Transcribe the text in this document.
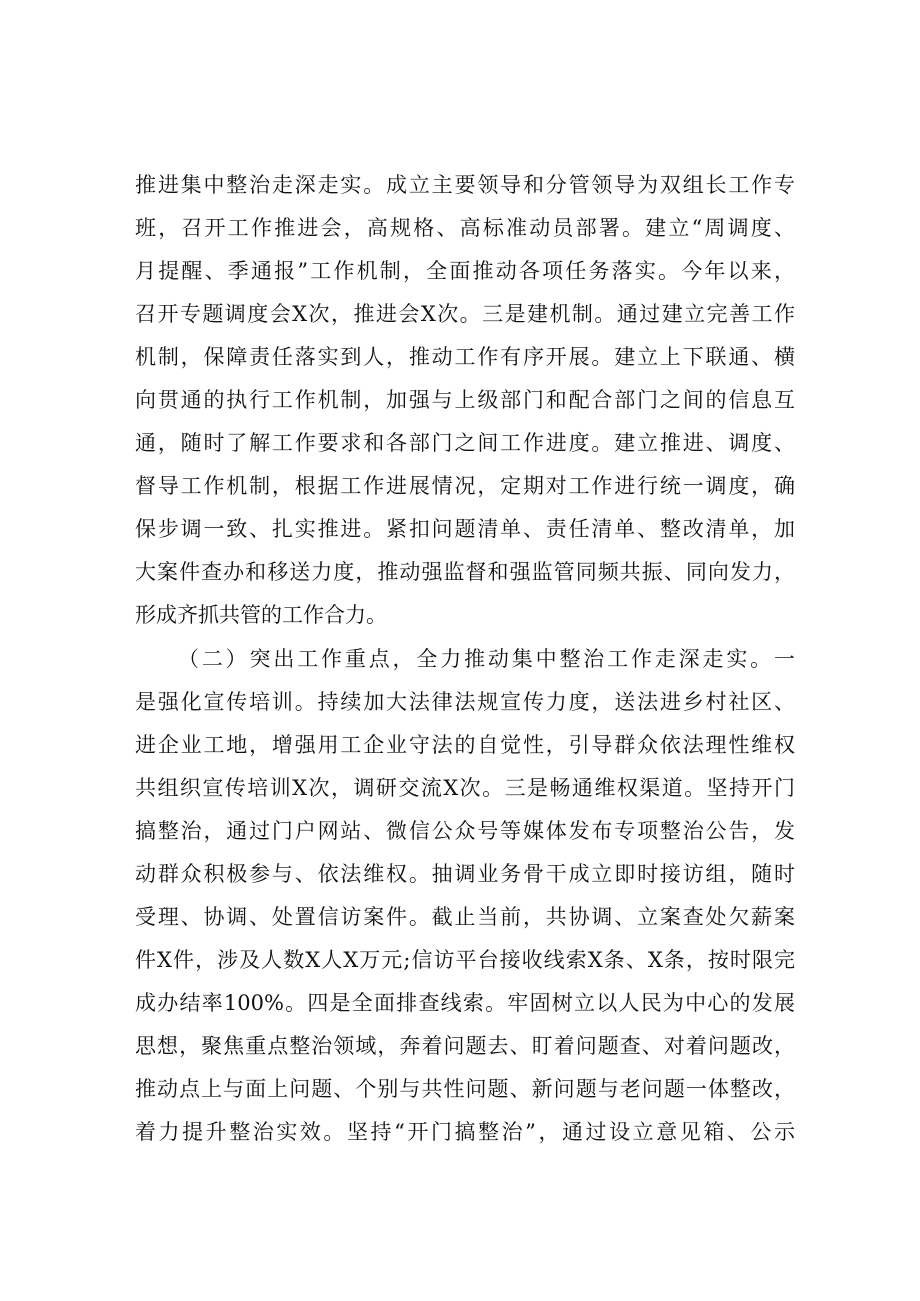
推进集中整治走深走实。成立主要领导和分管领导为双组长工作专
班，召开工作推进会，高规格、高标准动员部署。建立“周调度、
月提醒、季通报”工作机制，全面推动各项任务落实。今年以来，
召开专题调度会X次，推进会X次。三是建机制。通过建立完善工作
机制，保障责任落实到人，推动工作有序开展。建立上下联通、横
向贯通的执行工作机制，加强与上级部门和配合部门之间的信息互
通，随时了解工作要求和各部门之间工作进度。建立推进、调度、
督导工作机制，根据工作进展情况，定期对工作进行统一调度，确
保步调一致、扎实推进。紧扣问题清单、责任清单、整改清单，加
大案件查办和移送力度，推动强监督和强监管同频共振、同向发力，
形成齐抓共管的工作合力。
（二）突出工作重点，全力推动集中整治工作走深走实。一
是强化宣传培训。持续加大法律法规宣传力度，送法进乡村社区、
进企业工地，增强用工企业守法的自觉性，引导群众依法理性维权
共组织宣传培训X次，调研交流X次。三是畅通维权渠道。坚持开门
搞整治，通过门户网站、微信公众号等媒体发布专项整治公告，发
动群众积极参与、依法维权。抽调业务骨干成立即时接访组，随时
受理、协调、处置信访案件。截止当前，共协调、立案查处欠薪案
件X件，涉及人数X人X万元;信访平台接收线索X条、X条，按时限完
成办结率100%。四是全面排查线索。牢固树立以人民为中心的发展
思想，聚焦重点整治领域，奔着问题去、盯着问题查、对着问题改，
推动点上与面上问题、个别与共性问题、新问题与老问题一体整改，
着力提升整治实效。坚持“开门搞整治”，通过设立意见箱、公示
